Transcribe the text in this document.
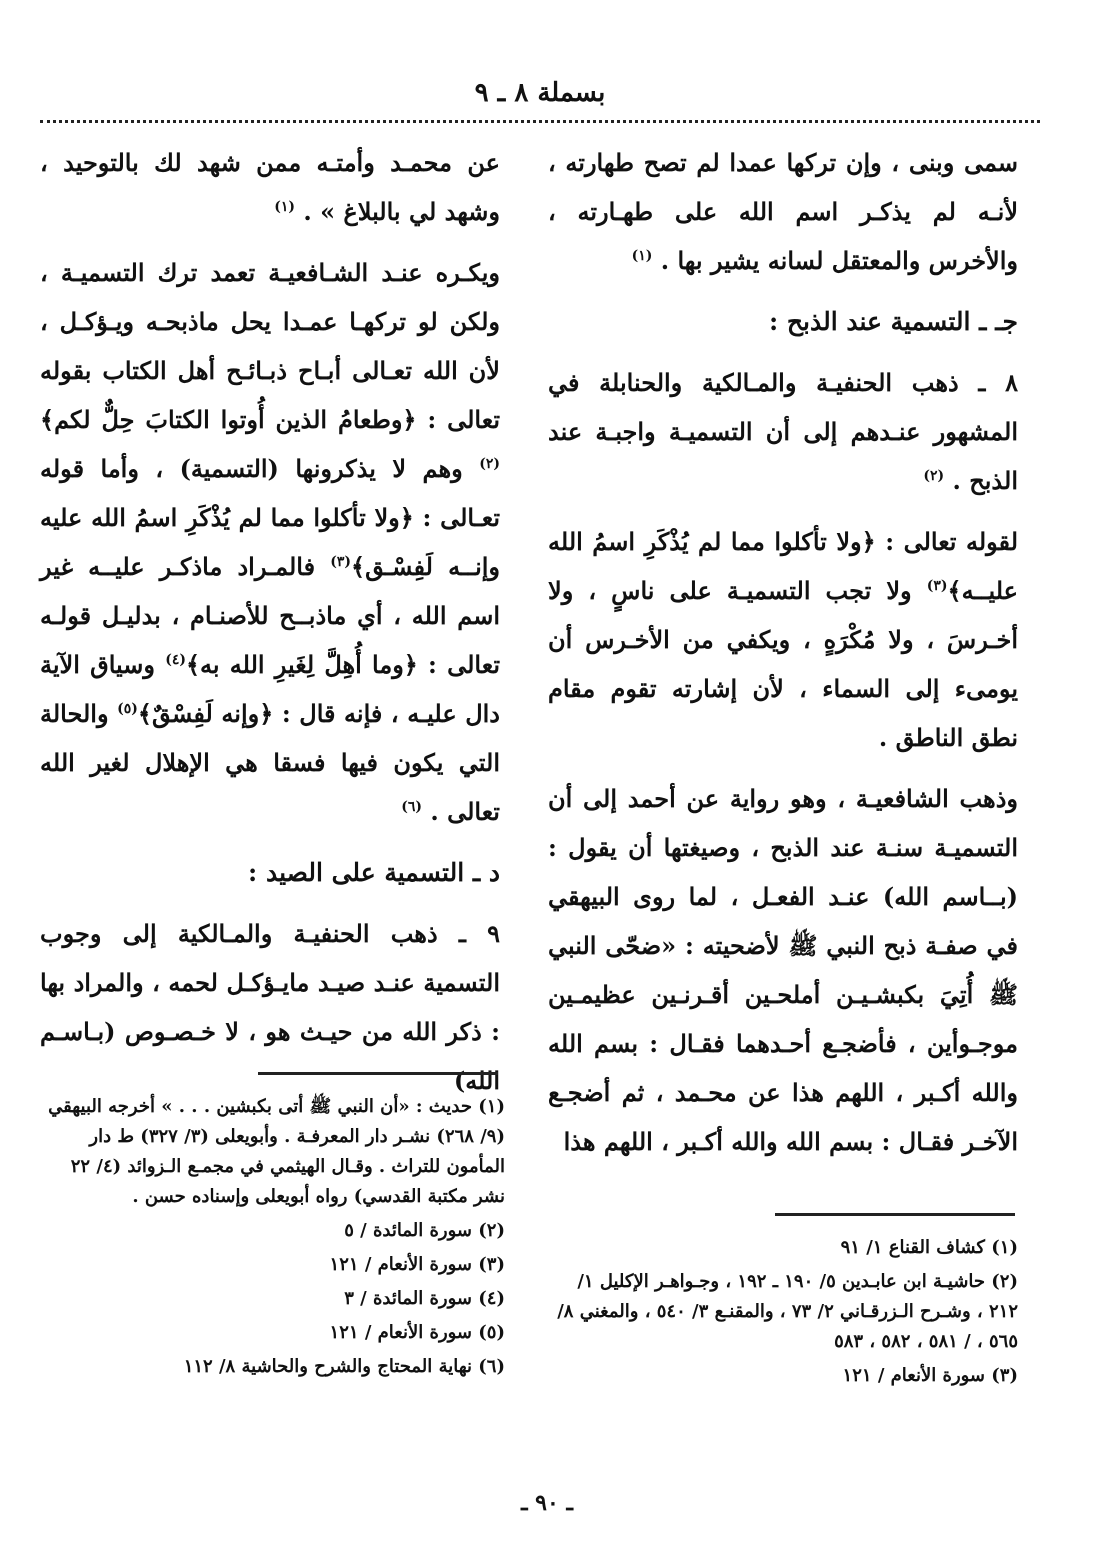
بسملة ٨ ـ ٩

سمى وبنى ، وإن تركها عمدا لم تصح طهارته ، لأنـه لم يذكـر اسم الله على طهـارته ، والأخرس والمعتقل لسانه يشير بها . $^{(١)}$

جـ ـ التسمية عند الذبح :

٨ ـ ذهب الحنفيـة والمـالكية والحنابلة في المشهور عنـدهم إلى أن التسميـة واجبـة عند الذبح . $^{(٢)}$

لقوله تعالى : ﴿ولا تأكلوا مما لم يُذْكَرِ اسمُ الله عليــه﴾$^{(٣)}$ ولا تجب التسميـة على ناسٍ ، ولا أخـرسَ ، ولا مُكْرَهٍ ، ويكفي من الأخـرس أن يومىء إلى السماء ، لأن إشارته تقوم مقام نطق الناطق .

وذهب الشافعيـة ، وهو رواية عن أحمد إلى أن التسميـة سنـة عند الذبح ، وصيغتها أن يقول : (بــاسم الله) عنـد الفعـل ، لما روى البيهقي في صفـة ذبح النبي ﷺ لأضحيته : «ضحّى النبي ﷺ أُتِيَ بكبشـيـن أملحـين أقـرنـين عظيمـين موجـوأين ، فأضجـع أحـدهما فقـال : بسم الله والله أكـبر ، اللهم هذا عن محـمد ، ثم أضجـع الآخـر فقـال : بسم الله والله أكـبر ، اللهم هذا

عن محمـد وأمتـه ممن شهد لك بالتوحيد ، وشهد لي بالبلاغ » . $^{(١)}$

ويكـره عنـد الشـافعيـة تعمد ترك التسميـة ، ولكن لو تركهـا عمـدا يحل ماذبحـه ويـؤكـل ، لأن الله تعـالى أبـاح ذبـائـح أهل الكتاب بقوله تعالى : ﴿وطعامُ الذين أُوتوا الكتابَ حِلٌّ لكم﴾$^{(٢)}$ وهم لا يذكرونها (التسمية) ، وأما قوله تعـالى : ﴿ولا تأكلوا مما لم يُذْكَرِ اسمُ الله عليه وإنــه لَفِسْـق﴾$^{(٣)}$ فالمـراد ماذكـر عليــه غير اسم الله ، أي ماذبــح للأصنـام ، بدليـل قولـه تعالى : ﴿وما أُهِلَّ لِغَيرِ الله به﴾$^{(٤)}$ وسياق الآية دال عليـه ، فإنه قال : ﴿وإنه لَفِسْقٌ﴾$^{(٥)}$ والحالة التي يكون فيها فسقا هي الإهلال لغير الله تعالى . $^{(٦)}$

د ـ التسمية على الصيد :

٩ ـ ذهب الحنفيـة والمـالكية إلى وجوب التسمية عنـد صيـد مايـؤكـل لحمه ، والمراد بها : ذكر الله من حيـث هو ، لا خـصـوص (بـاسـم الله)

(١) كشاف القناع ١/ ٩١
(٢) حاشيـة ابن عابـدين ٥/ ١٩٠ ـ ١٩٢ ، وجـواهـر الإكليل ١/ ٢١٢ ، وشـرح الـزرقـاني ٢/ ٧٣ ، والمقنـع ٣/ ٥٤٠ ، والمغني ٨/ ٥٦٥ ، / ٥٨١ ، ٥٨٢ ، ٥٨٣
(٣) سورة الأنعام / ١٢١
(١) حديث : «أن النبي ﷺ أتى بكبشين . . . » أخرجه البيهقي (٩/ ٢٦٨) نشـر دار المعرفـة . وأبويعلى (٣/ ٣٢٧) ط دار المأمون للتراث . وقـال الهيثمي في مجمـع الـزوائد (٤/ ٢٢ نشر مكتبة القدسي) رواه أبويعلى وإسناده حسن .
(٢) سورة المائدة / ٥
(٣) سورة الأنعام / ١٢١
(٤) سورة المائدة / ٣
(٥) سورة الأنعام / ١٢١
(٦) نهاية المحتاج والشرح والحاشية ٨/ ١١٢
ـ ٩٠ ـ
